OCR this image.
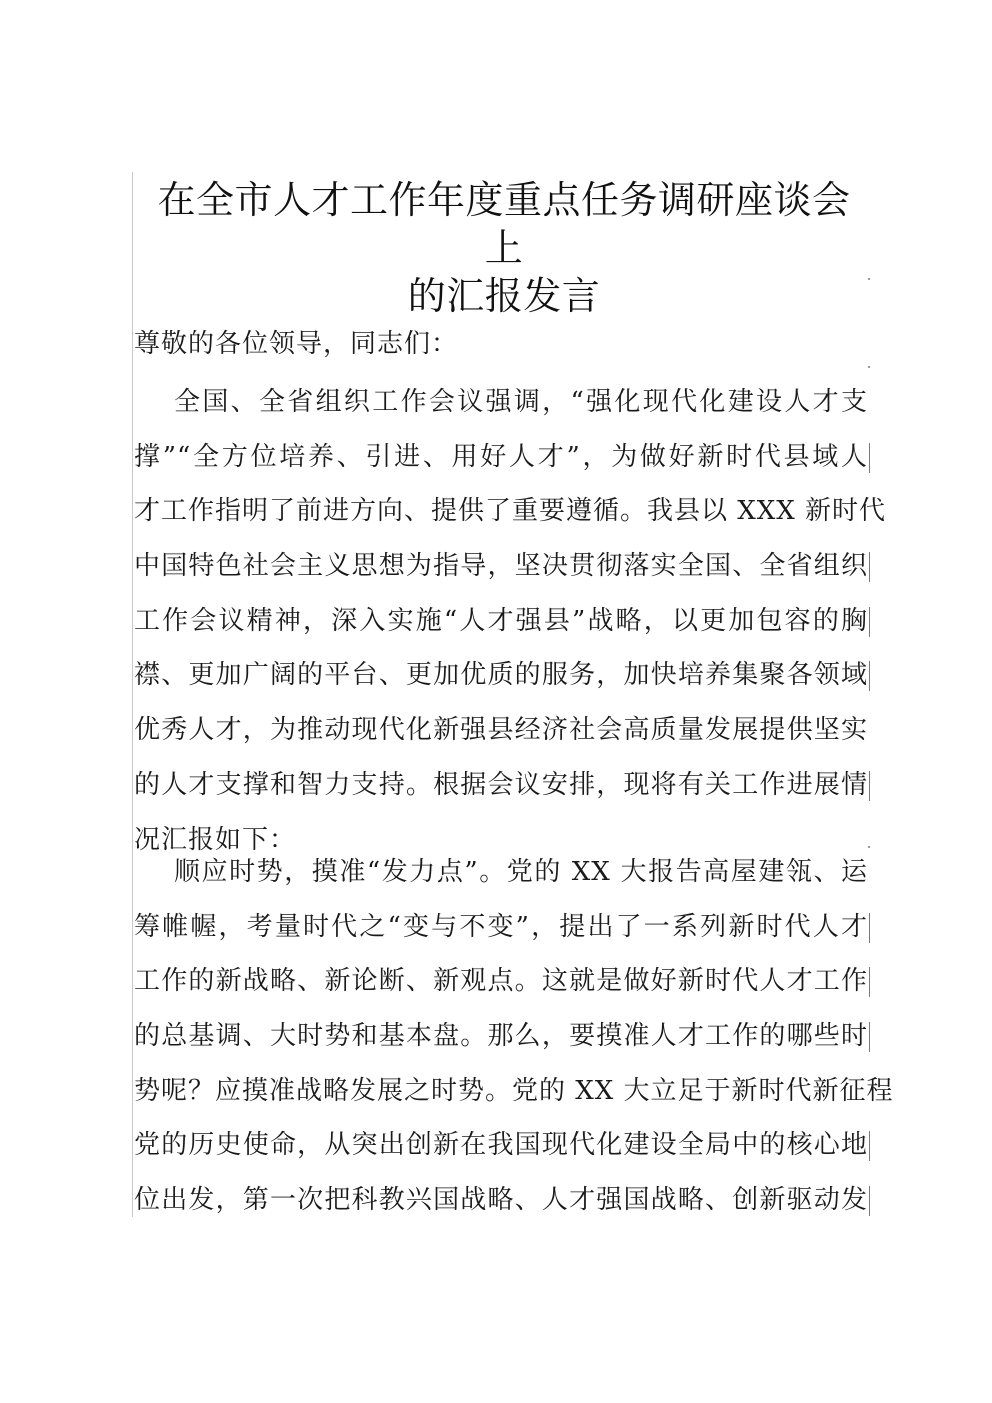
在全市人才工作年度重点任务调研座谈会上
的汇报发言
尊敬的各位领导，同志们：
全国、全省组织工作会议强调，“强化现代化建设人才支
撑”“全方位培养、引进、用好人才”，为做好新时代县域人
才工作指明了前进方向、提供了重要遵循。我县以 XXX 新时代
中国特色社会主义思想为指导，坚决贯彻落实全国、全省组织
工作会议精神，深入实施“人才强县”战略，以更加包容的胸
襟、更加广阔的平台、更加优质的服务，加快培养集聚各领域
优秀人才，为推动现代化新强县经济社会高质量发展提供坚实
的人才支撑和智力支持。根据会议安排，现将有关工作进展情
况汇报如下：
顺应时势，摸准“发力点”。党的 XX 大报告高屋建瓴、运
筹帷幄，考量时代之“变与不变”，提出了一系列新时代人才
工作的新战略、新论断、新观点。这就是做好新时代人才工作
的总基调、大时势和基本盘。那么，要摸准人才工作的哪些时
势呢？应摸准战略发展之时势。党的 XX 大立足于新时代新征程
党的历史使命，从突出创新在我国现代化建设全局中的核心地
位出发，第一次把科教兴国战略、人才强国战略、创新驱动发
